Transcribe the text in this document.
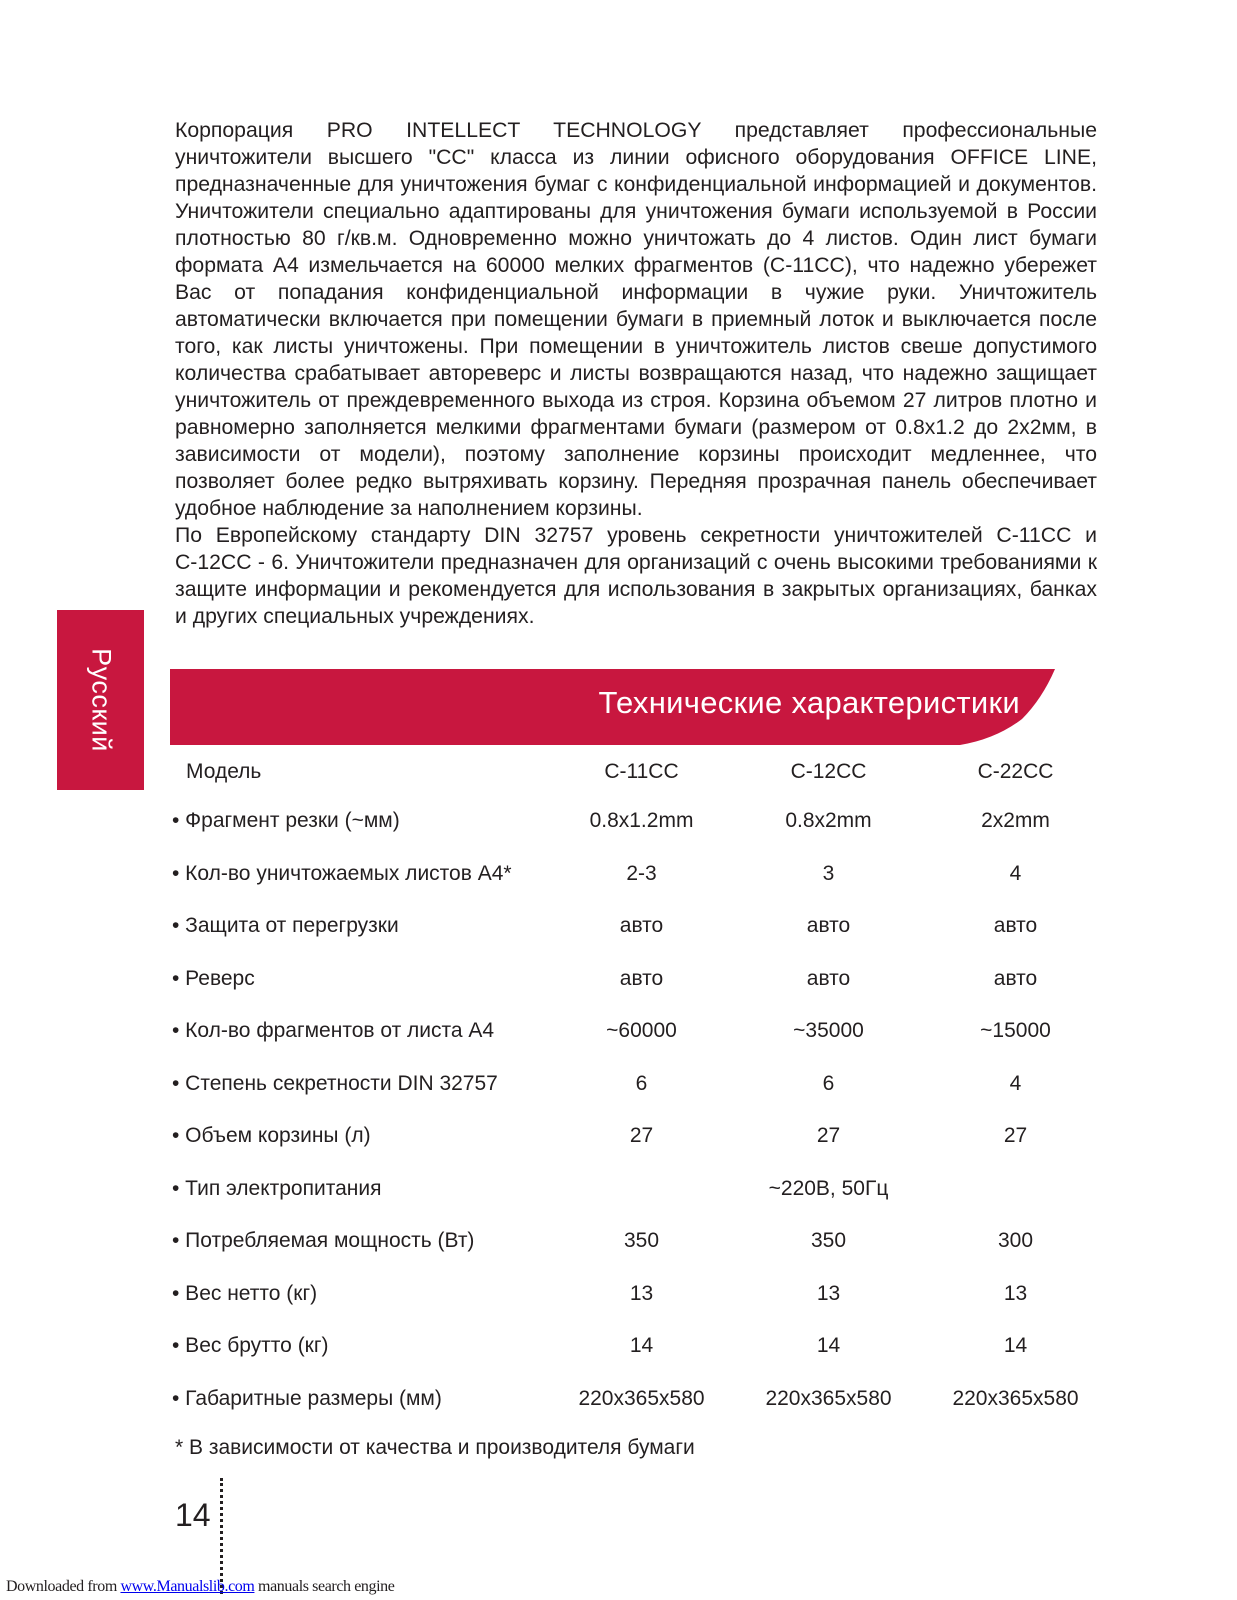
Корпорация PRO INTELLECT TECHNOLOGY представляет профессиональные уничтожители высшего "СС" класса из линии офисного оборудования OFFICE LINE, предназначенные для уничтожения бумаг с конфиденциальной информацией и документов. Уничтожители специально адаптированы для уничтожения бумаги используемой в России плотностью 80 г/кв.м. Одновременно можно уничтожать до 4 листов. Один лист бумаги формата А4 измельчается на 60000 мелких фрагментов (С-11СС), что надежно убережет Вас от попадания конфиденциальной информации в чужие руки. Уничтожитель автоматически включается при помещении бумаги в приемный лоток и выключается после того, как листы уничтожены. При помещении в уничтожитель листов свеше допустимого количества срабатывает автореверс и листы возвращаются назад, что надежно защищает уничтожитель от преждевременного выхода из строя. Корзина объемом 27 литров плотно и равномерно заполняется мелкими фрагментами бумаги (размером от 0.8х1.2 до 2х2мм, в зависимости от модели), поэтому заполнение корзины происходит медленнее, что позволяет более редко вытряхивать корзину. Передняя прозрачная панель обеспечивает удобное наблюдение за наполнением корзины.

По Европейскому стандарту DIN 32757 уровень секретности уничтожителей С-11СС и С-12СС - 6. Уничтожители предназначен для организаций с очень высокими требованиями к защите информации и рекомендуется для использования в закрытых организациях, банках и других специальных учреждениях.

Русский	Технические характеристики
Модель	С-11СС	С-12СС	С-22СС
• Фрагмент резки (~мм)	0.8x1.2mm	0.8x2mm	2x2mm
• Кол-во уничтожаемых листов А4*	2-3	3	4
• Защита от перегрузки	авто	авто	авто
• Реверс	авто	авто	авто
• Кол-во фрагментов от листа А4	~60000	~35000	~15000
• Степень секретности DIN 32757	6	6	4
• Объем корзины (л)	27	27	27
• Тип электропитания		~220В, 50Гц	
• Потребляемая мощность (Вт)	350	350	300
• Вес нетто (кг)	13	13	13
• Вес брутто (кг)	14	14	14
• Габаритные размеры (мм)	220x365x580	220x365x580	220x365x580
* В зависимости от качества и производителя бумаги
14
Downloaded from www.Manualslib.com manuals search engine
